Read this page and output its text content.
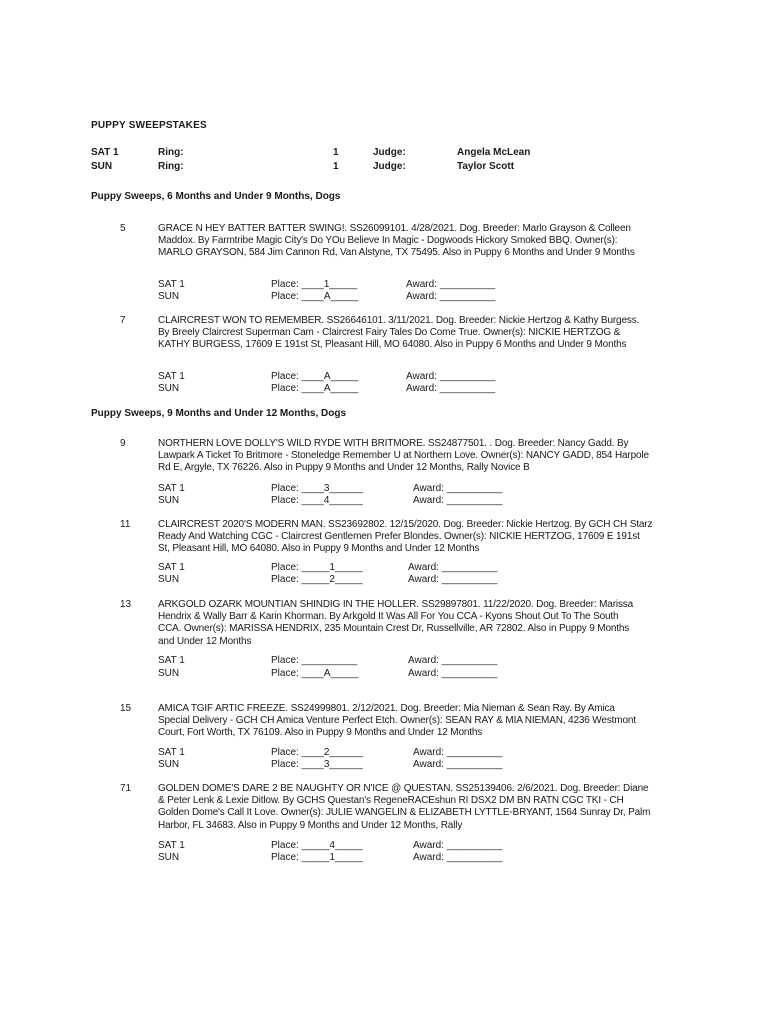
PUPPY SWEEPSTAKES
SAT 1	Ring:	1	Judge:	Angela McLean
SUN	Ring:	1	Judge:	Taylor Scott
Puppy Sweeps, 6 Months and Under 9 Months, Dogs
5	GRACE N HEY BATTER BATTER SWING!. SS26099101. 4/28/2021. Dog. Breeder: Marlo Grayson & Colleen Maddox. By Farmtribe Magic City's Do YOu Believe In Magic - Dogwoods Hickory Smoked BBQ. Owner(s): MARLO GRAYSON, 584 Jim Cannon Rd, Van Alstyne, TX 75495. Also in Puppy 6 Months and Under 9 Months
SAT 1	Place: ____1_____	Award: __________
SUN	Place: ____A_____	Award: __________
7	CLAIRCREST WON TO REMEMBER. SS26646101. 3/11/2021. Dog. Breeder: Nickie Hertzog & Kathy Burgess. By Breely Claircrest Superman Cam - Claircrest Fairy Tales Do Come True. Owner(s): NICKIE HERTZOG & KATHY BURGESS, 17609 E 191st St, Pleasant Hill, MO 64080. Also in Puppy 6 Months and Under 9 Months
SAT 1	Place: ____A_____	Award: __________
SUN	Place: ____A_____	Award: __________
Puppy Sweeps, 9 Months and Under 12 Months, Dogs
9	NORTHERN LOVE DOLLY'S WILD RYDE WITH BRITMORE. SS24877501. . Dog. Breeder: Nancy Gadd. By Lawpark A Ticket To Britmore - Stoneledge Remember U at Northern Love. Owner(s): NANCY GADD, 854 Harpole Rd E, Argyle, TX 76226. Also in Puppy 9 Months and Under 12 Months, Rally Novice B
SAT 1	Place: ____3______	Award: __________
SUN	Place: ____4______	Award: __________
11	CLAIRCREST 2020'S MODERN MAN. SS23692802. 12/15/2020. Dog. Breeder: Nickie Hertzog. By GCH CH Starz Ready And Watching CGC - Claircrest Gentlemen Prefer Blondes. Owner(s): NICKIE HERTZOG, 17609 E 191st St, Pleasant Hill, MO 64080. Also in Puppy 9 Months and Under 12 Months
SAT 1	Place: _____1_____	Award: __________
SUN	Place: _____2_____	Award: __________
13	ARKGOLD OZARK MOUNTIAN SHINDIG IN THE HOLLER. SS29897801. 11/22/2020. Dog. Breeder: Marissa Hendrix & Wally Barr & Karin Khorman. By Arkgold It Was All For You CCA - Kyons Shout Out To The South CCA. Owner(s): MARISSA HENDRIX, 235 Mountain Crest Dr, Russellville, AR 72802. Also in Puppy 9 Months and Under 12 Months
SAT 1	Place: __________	Award: __________
SUN	Place: ____A_____	Award: __________
15	AMICA TGIF ARTIC FREEZE. SS24999801. 2/12/2021. Dog. Breeder: Mia Nieman & Sean Ray. By Amica Special Delivery - GCH CH Amica Venture Perfect Etch. Owner(s): SEAN RAY & MIA NIEMAN, 4236 Westmont Court, Fort Worth, TX 76109. Also in Puppy 9 Months and Under 12 Months
SAT 1	Place: ____2______	Award: __________
SUN	Place: ____3______	Award: __________
71	GOLDEN DOME'S DARE 2 BE NAUGHTY OR N'ICE @ QUESTAN. SS25139406. 2/6/2021. Dog. Breeder: Diane & Peter Lenk & Lexie Ditlow. By GCHS Questan's RegeneRACEshun RI DSX2 DM BN RATN CGC TKI - CH Golden Dome's Call It Love. Owner(s): JULIE WANGELIN & ELIZABETH LYTTLE-BRYANT, 1564 Sunray Dr, Palm Harbor, FL 34683. Also in Puppy 9 Months and Under 12 Months, Rally
SAT 1	Place: _____4_____	Award: __________
SUN	Place: _____1_____	Award: __________
